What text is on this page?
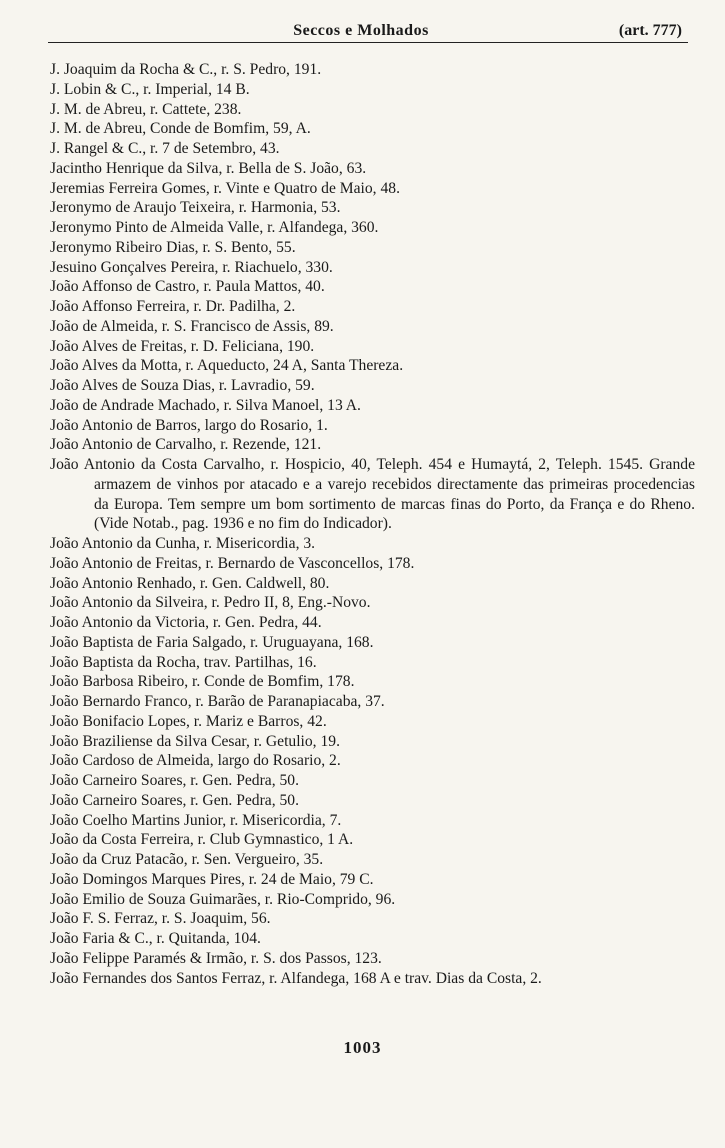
Seccos e Molhados	(art. 777)
J. Joaquim da Rocha & C., r. S. Pedro, 191.
J. Lobin & C., r. Imperial, 14 B.
J. M. de Abreu, r. Cattete, 238.
J. M. de Abreu, Conde de Bomfim, 59, A.
J. Rangel & C., r. 7 de Setembro, 43.
Jacintho Henrique da Silva, r. Bella de S. João, 63.
Jeremias Ferreira Gomes, r. Vinte e Quatro de Maio, 48.
Jeronymo de Araujo Teixeira, r. Harmonia, 53.
Jeronymo Pinto de Almeida Valle, r. Alfandega, 360.
Jeronymo Ribeiro Dias, r. S. Bento, 55.
Jesuino Gonçalves Pereira, r. Riachuelo, 330.
João Affonso de Castro, r. Paula Mattos, 40.
João Affonso Ferreira, r. Dr. Padilha, 2.
João de Almeida, r. S. Francisco de Assis, 89.
João Alves de Freitas, r. D. Feliciana, 190.
João Alves da Motta, r. Aqueducto, 24 A, Santa Thereza.
João Alves de Souza Dias, r. Lavradio, 59.
João de Andrade Machado, r. Silva Manoel, 13 A.
João Antonio de Barros, largo do Rosario, 1.
João Antonio de Carvalho, r. Rezende, 121.
João Antonio da Costa Carvalho, r. Hospicio, 40, Teleph. 454 e Humaytá, 2, Teleph. 1545. Grande armazem de vinhos por atacado e a varejo recebidos directamente das primeiras procedencias da Europa. Tem sempre um bom sortimento de marcas finas do Porto, da França e do Rheno. (Vide Notab., pag. 1936 e no fim do Indicador).
João Antonio da Cunha, r. Misericordia, 3.
João Antonio de Freitas, r. Bernardo de Vasconcellos, 178.
João Antonio Renhado, r. Gen. Caldwell, 80.
João Antonio da Silveira, r. Pedro II, 8, Eng.-Novo.
João Antonio da Victoria, r. Gen. Pedra, 44.
João Baptista de Faria Salgado, r. Uruguayana, 168.
João Baptista da Rocha, trav. Partilhas, 16.
João Barbosa Ribeiro, r. Conde de Bomfim, 178.
João Bernardo Franco, r. Barão de Paranapiacaba, 37.
João Bonifacio Lopes, r. Mariz e Barros, 42.
João Braziliense da Silva Cesar, r. Getulio, 19.
João Cardoso de Almeida, largo do Rosario, 2.
João Carneiro Soares, r. Gen. Pedra, 50.
João Carneiro Soares, r. Gen. Pedra, 50.
João Coelho Martins Junior, r. Misericordia, 7.
João da Costa Ferreira, r. Club Gymnastico, 1 A.
João da Cruz Patacão, r. Sen. Vergueiro, 35.
João Domingos Marques Pires, r. 24 de Maio, 79 C.
João Emilio de Souza Guimarães, r. Rio-Comprido, 96.
João F. S. Ferraz, r. S. Joaquim, 56.
João Faria & C., r. Quitanda, 104.
João Felippe Paramés & Irmão, r. S. dos Passos, 123.
João Fernandes dos Santos Ferraz, r. Alfandega, 168 A e trav. Dias da Costa, 2.
1003
